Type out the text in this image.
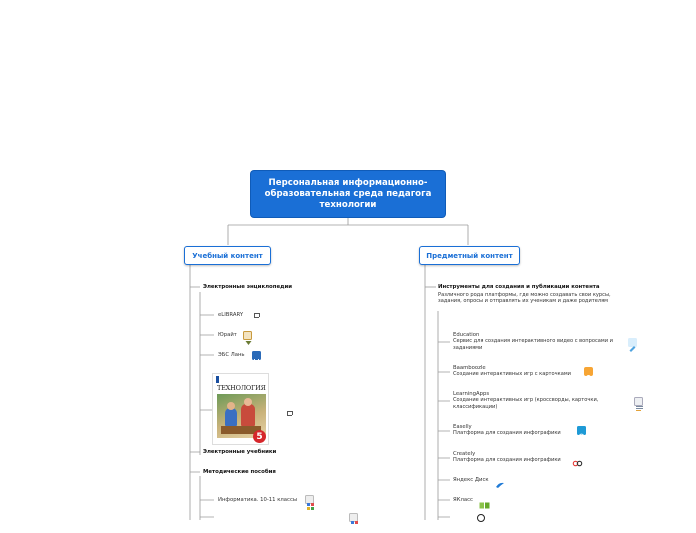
Персональная информационно-образовательная среда педагога технологии
Учебный контент	Предметный контент
Электронные энциклопедии
eLIBRARY
Юрайт
ЭБС Лань
ТЕХНОЛОГИЯ
5
Электронные учебники
Методические пособия
Информатика. 10-11 классы
Инструменты для создания и публикации контента
Различного рода платформы, где можно создавать свои курсы, задания, опросы и отправлять их ученикам и даже родителям
Education
Сервис для создания интерактивного видео с вопросами и заданиями
Baamboozle
Создание интерактивных игр с карточками
LearningApps
Создание интерактивных игр (кроссворды, карточки, классификации)
Easelly
Платформа для создания инфографики
Creately
Платформа для создания инфографики
Яндекс Диск
ЯКласс
